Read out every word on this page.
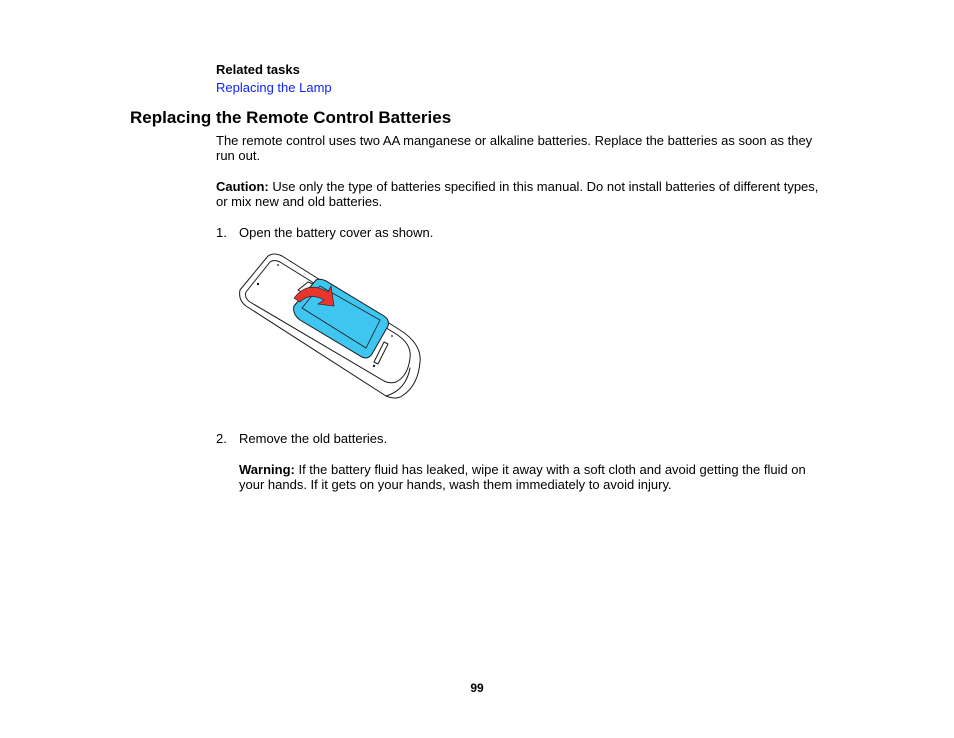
Related tasks
Replacing the Lamp
Replacing the Remote Control Batteries

The remote control uses two AA manganese or alkaline batteries. Replace the batteries as soon as they run out.

Caution: Use only the type of batteries specified in this manual. Do not install batteries of different types, or mix new and old batteries.

1. Open the battery cover as shown.
2. Remove the old batteries.

Warning: If the battery fluid has leaked, wipe it away with a soft cloth and avoid getting the fluid on your hands. If it gets on your hands, wash them immediately to avoid injury.

99
